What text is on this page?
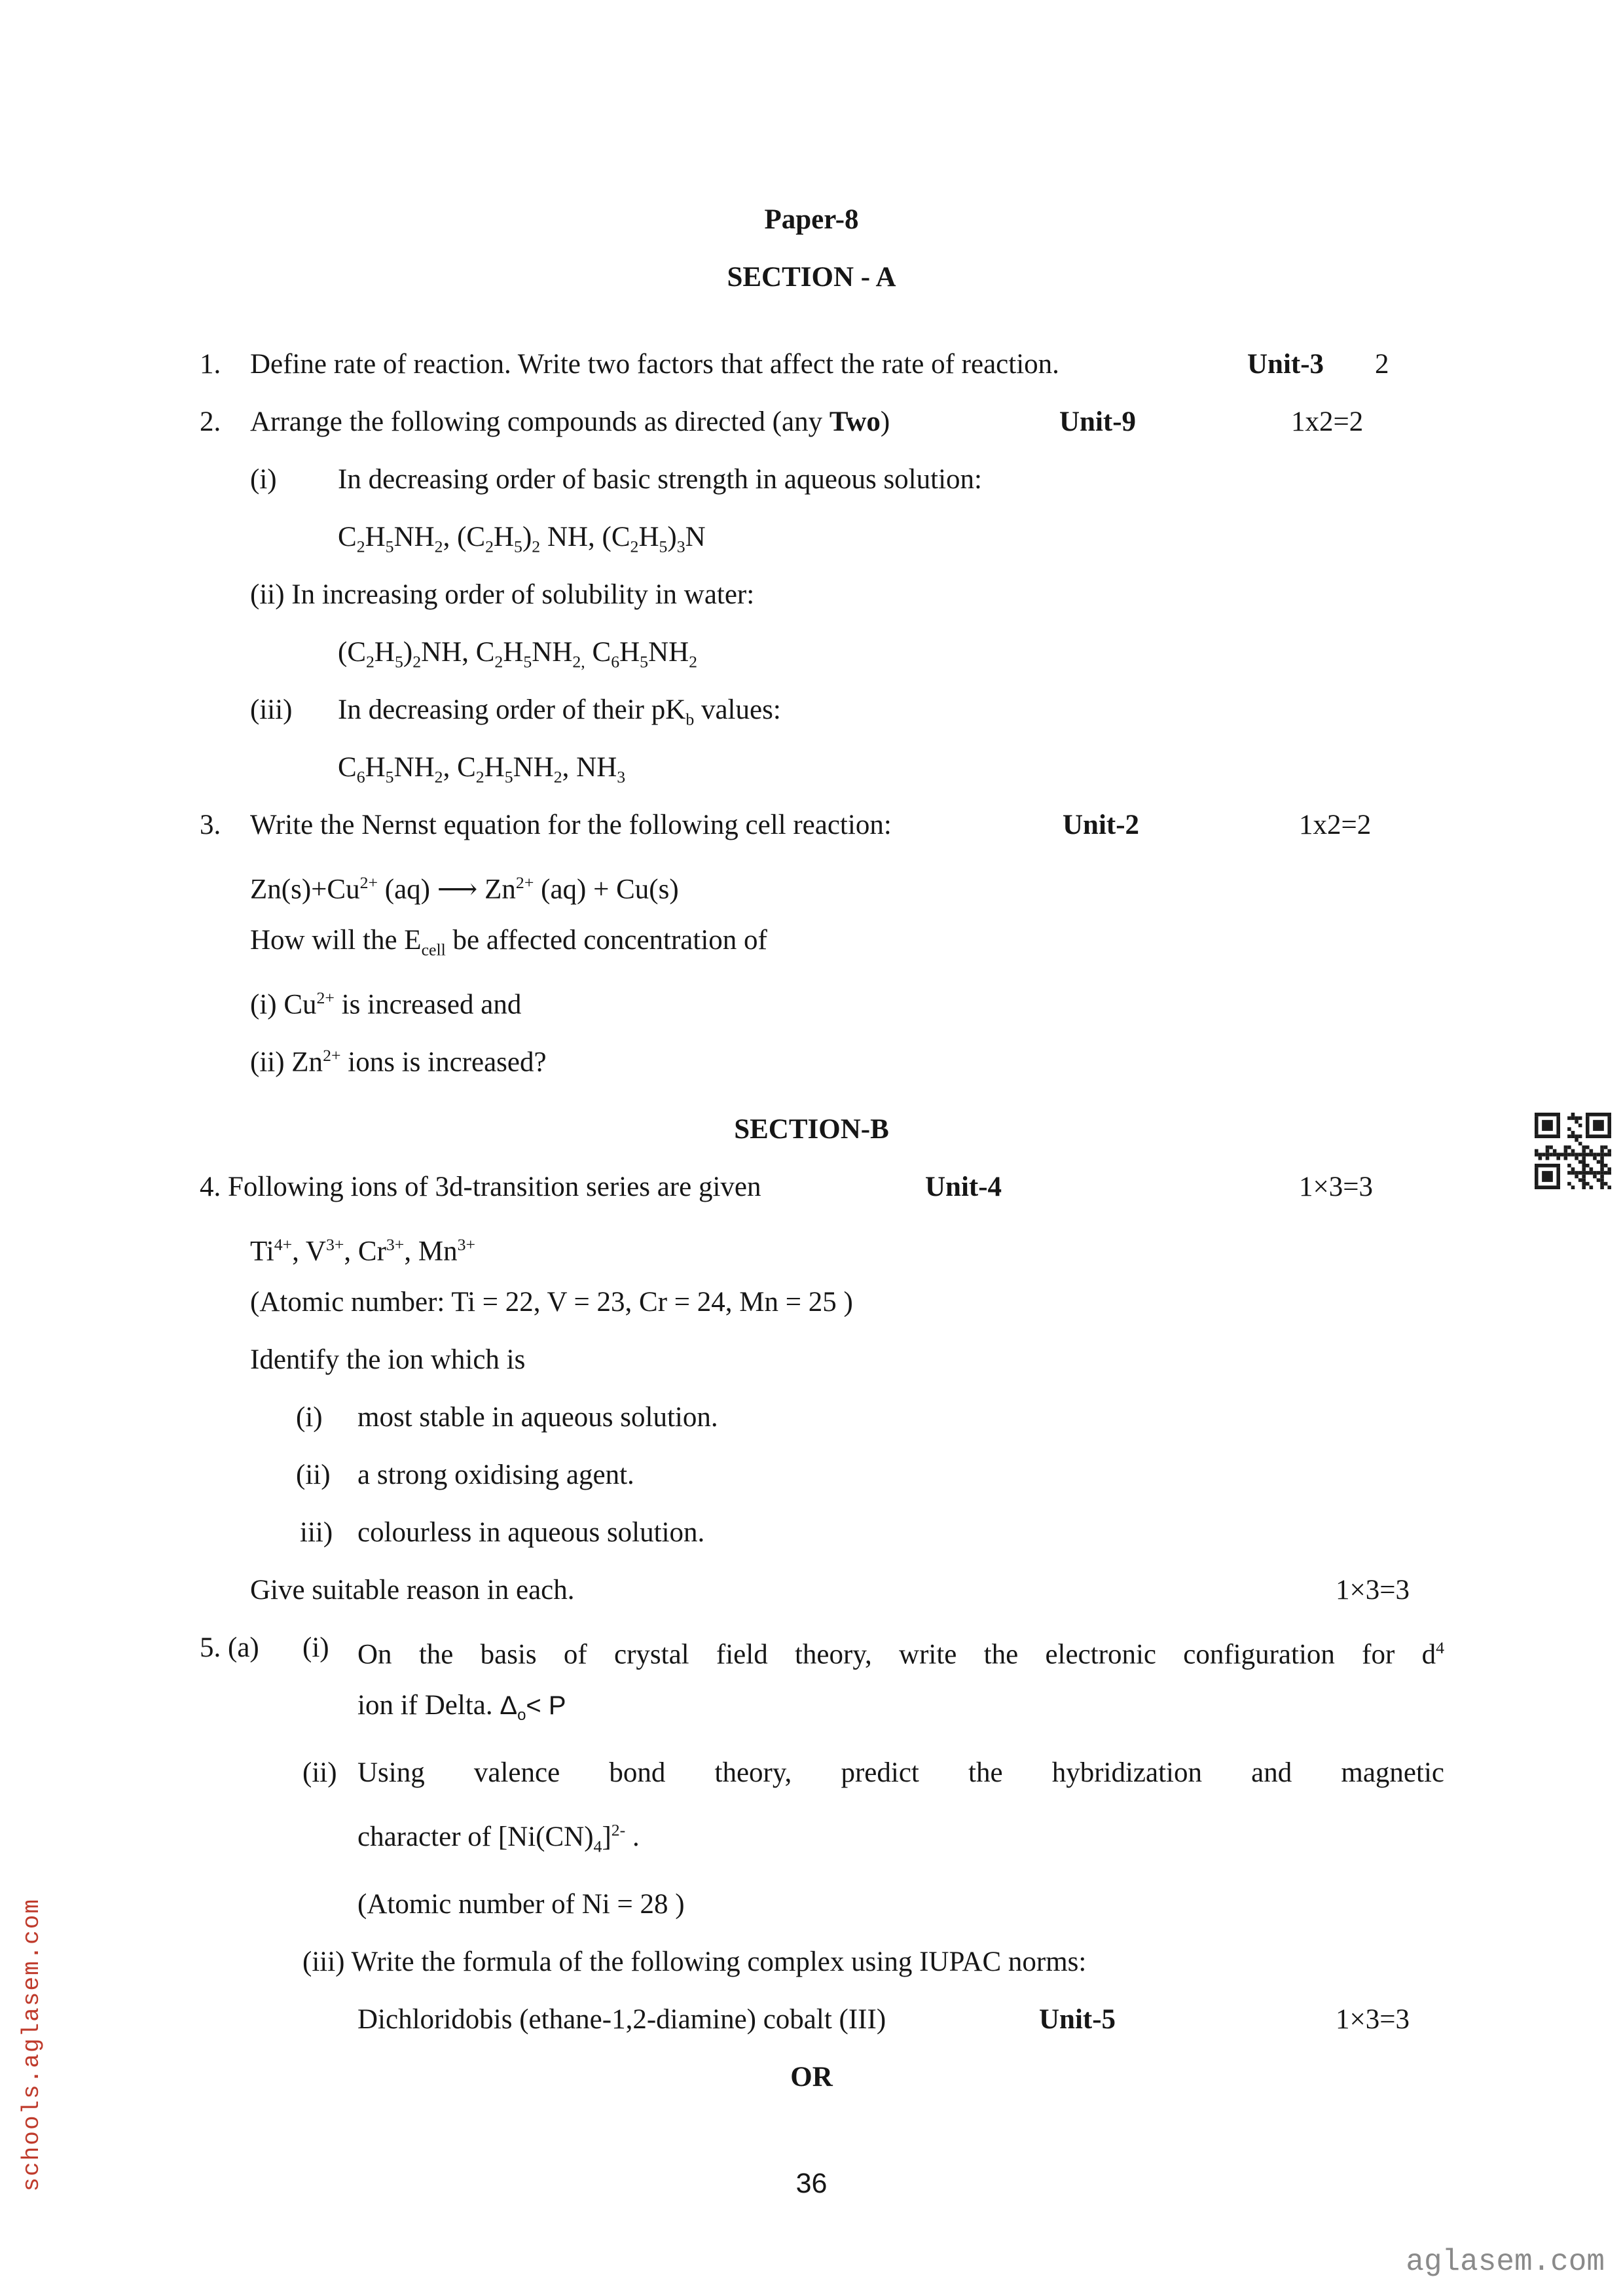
Paper-8
SECTION - A
1. Define rate of reaction. Write two factors that affect the rate of reaction.	Unit-3 2
2. Arrange the following compounds as directed (any Two)	Unit-9	1x2=2
(i) In decreasing order of basic strength in aqueous solution:
$C_2H_5NH_2$, $(C_2H_5)_2$ NH, $(C_2H_5)_3N$
(ii) In increasing order of solubility in water:
$(C_2H_5)_2NH$, $C_2H_5NH_{2,}$ $C_6H_5NH_2$
(iii) In decreasing order of their $pK_b$ values:
$C_6H_5NH_2$, $C_2H_5NH_2$, $NH_3$
3. Write the Nernst equation for the following cell reaction:	Unit-2	1x2=2
$Zn(s)+Cu^{2+}$ (aq) ⟶ $Zn^{2+}$ (aq) + Cu(s)
How will the $E_{cell}$ be affected concentration of
(i) $Cu^{2+}$ is increased and
(ii) $Zn^{2+}$ ions is increased?
SECTION-B
4. Following ions of 3d-transition series are given	Unit-4	1×3=3
$Ti^{4+}$, $V^{3+}$, $Cr^{3+}$, $Mn^{3+}$
(Atomic number: Ti = 22, V = 23, Cr = 24, Mn = 25 )
Identify the ion which is
(i) most stable in aqueous solution.
(ii) a strong oxidising agent.
iii) colourless in aqueous solution.
Give suitable reason in each.	1×3=3
5. (a) (i) On the basis of crystal field theory, write the electronic configuration for $d^4$
ion if Delta. $\Delta_o< P$
(ii) Using valence bond theory, predict the hybridization and magnetic
character of $[Ni(CN)_4]^{2-}$ .
(Atomic number of Ni = 28 )
(iii) Write the formula of the following complex using IUPAC norms:
Dichloridobis (ethane-1,2-diamine) cobalt (III)	Unit-5	1×3=3
OR
schools.aglasem.com	36
aglasem.com
